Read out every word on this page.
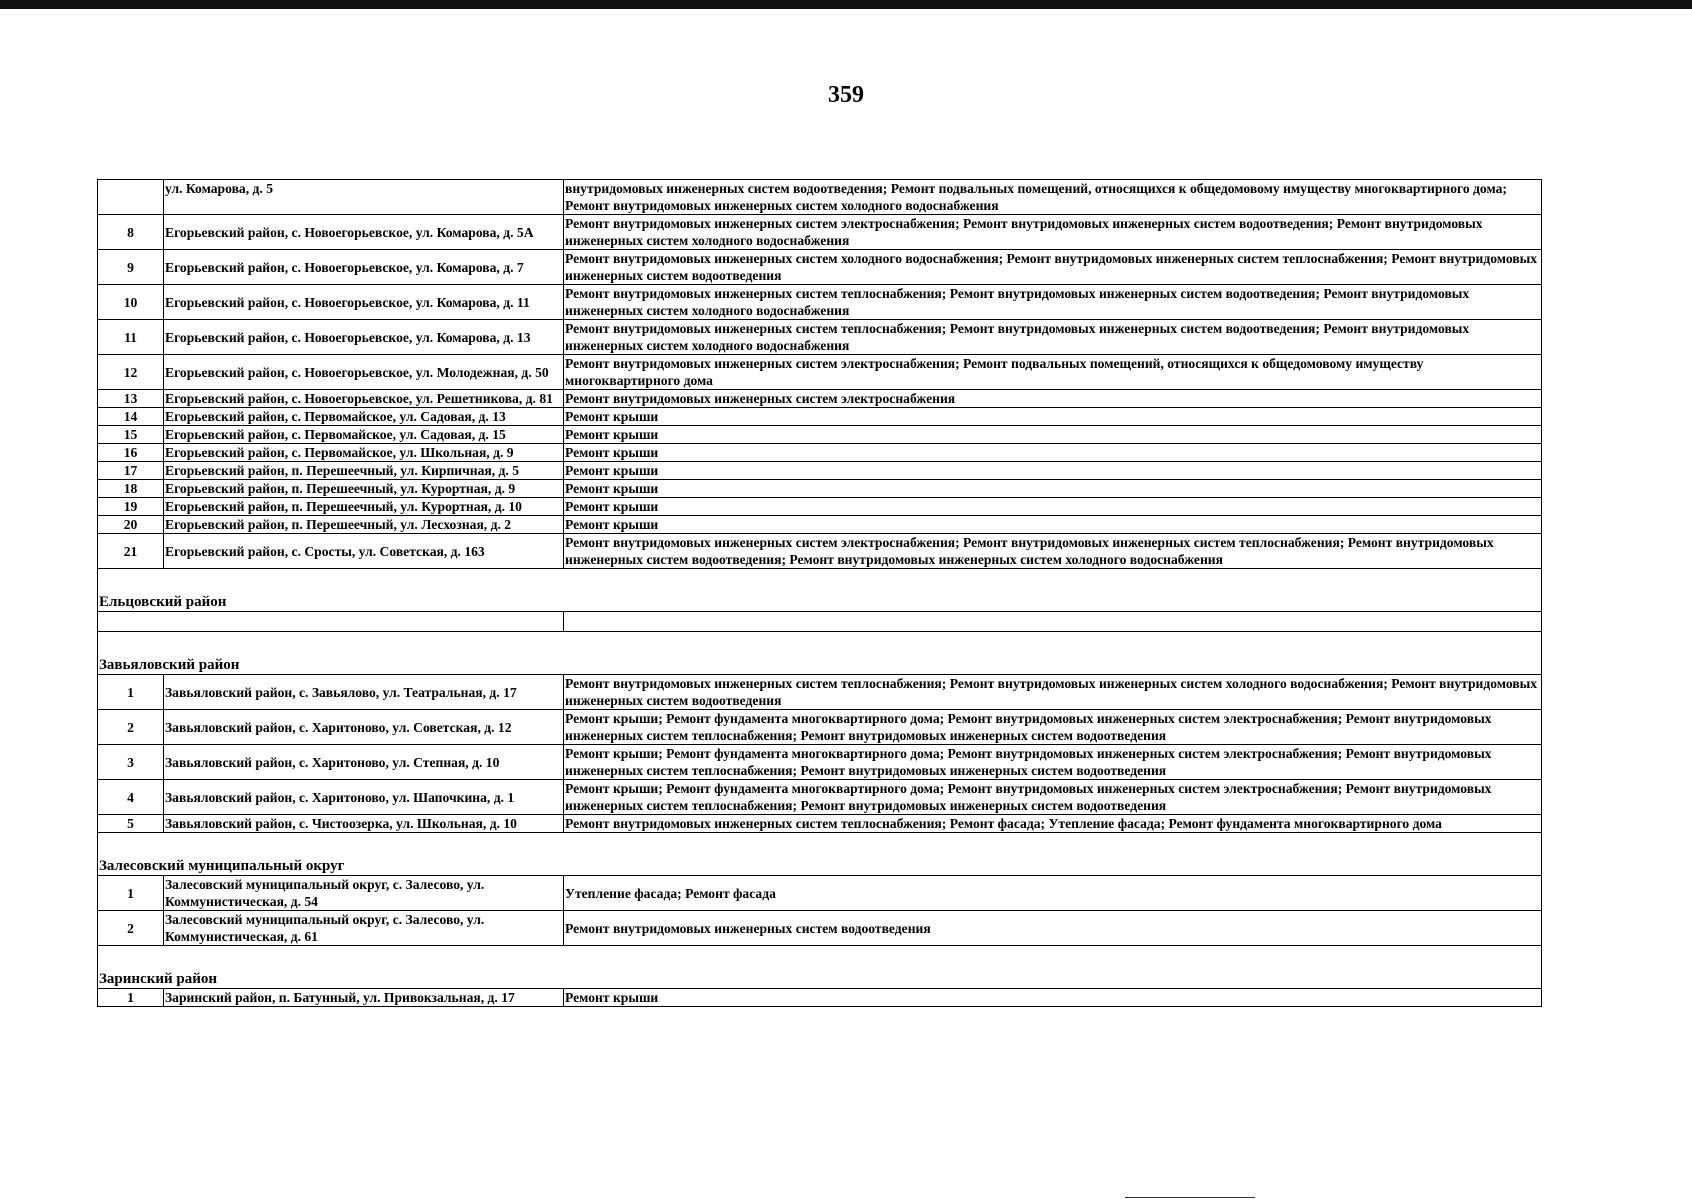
359
	ул. Комарова, д. 5	внутридомовых инженерных систем водоотведения; Ремонт подвальных помещений, относящихся к общедомовому имуществу многоквартирного дома; Ремонт внутридомовых инженерных систем холодного водоснабжения
8	Егорьевский район, с. Новоегорьевское, ул. Комарова, д. 5А	Ремонт внутридомовых инженерных систем электроснабжения; Ремонт внутридомовых инженерных систем водоотведения; Ремонт внутридомовых инженерных систем холодного водоснабжения
9	Егорьевский район, с. Новоегорьевское, ул. Комарова, д. 7	Ремонт внутридомовых инженерных систем холодного водоснабжения; Ремонт внутридомовых инженерных систем теплоснабжения; Ремонт внутридомовых инженерных систем водоотведения
10	Егорьевский район, с. Новоегорьевское, ул. Комарова, д. 11	Ремонт внутридомовых инженерных систем теплоснабжения; Ремонт внутридомовых инженерных систем водоотведения; Ремонт внутридомовых инженерных систем холодного водоснабжения
11	Егорьевский район, с. Новоегорьевское, ул. Комарова, д. 13	Ремонт внутридомовых инженерных систем теплоснабжения; Ремонт внутридомовых инженерных систем водоотведения; Ремонт внутридомовых инженерных систем холодного водоснабжения
12	Егорьевский район, с. Новоегорьевское, ул. Молодежная, д. 50	Ремонт внутридомовых инженерных систем электроснабжения; Ремонт подвальных помещений, относящихся к общедомовому имуществу многоквартирного дома
13	Егорьевский район, с. Новоегорьевское, ул. Решетникова, д. 81	Ремонт внутридомовых инженерных систем электроснабжения
14	Егорьевский район, с. Первомайское, ул. Садовая, д. 13	Ремонт крыши
15	Егорьевский район, с. Первомайское, ул. Садовая, д. 15	Ремонт крыши
16	Егорьевский район, с. Первомайское, ул. Школьная, д. 9	Ремонт крыши
17	Егорьевский район, п. Перешеечный, ул. Кирпичная, д. 5	Ремонт крыши
18	Егорьевский район, п. Перешеечный, ул. Курортная, д. 9	Ремонт крыши
19	Егорьевский район, п. Перешеечный, ул. Курортная, д. 10	Ремонт крыши
20	Егорьевский район, п. Перешеечный, ул. Лесхозная, д. 2	Ремонт крыши
21	Егорьевский район, с. Сросты, ул. Советская, д. 163	Ремонт внутридомовых инженерных систем электроснабжения; Ремонт внутридомовых инженерных систем теплоснабжения; Ремонт внутридомовых инженерных систем водоотведения; Ремонт внутридомовых инженерных систем холодного водоснабжения
Ельцовский район		

Завьяловский район		
1	Завьяловский район, с. Завьялово, ул. Театральная, д. 17	Ремонт внутридомовых инженерных систем теплоснабжения; Ремонт внутридомовых инженерных систем холодного водоснабжения; Ремонт внутридомовых инженерных систем водоотведения
2	Завьяловский район, с. Харитоново, ул. Советская, д. 12	Ремонт крыши; Ремонт фундамента многоквартирного дома; Ремонт внутридомовых инженерных систем электроснабжения; Ремонт внутридомовых инженерных систем теплоснабжения; Ремонт внутридомовых инженерных систем водоотведения
3	Завьяловский район, с. Харитоново, ул. Степная, д. 10	Ремонт крыши; Ремонт фундамента многоквартирного дома; Ремонт внутридомовых инженерных систем электроснабжения; Ремонт внутридомовых инженерных систем теплоснабжения; Ремонт внутридомовых инженерных систем водоотведения
4	Завьяловский район, с. Харитоново, ул. Шапочкина, д. 1	Ремонт крыши; Ремонт фундамента многоквартирного дома; Ремонт внутридомовых инженерных систем электроснабжения; Ремонт внутридомовых инженерных систем теплоснабжения; Ремонт внутридомовых инженерных систем водоотведения
5	Завьяловский район, с. Чистоозерка, ул. Школьная, д. 10	Ремонт внутридомовых инженерных систем теплоснабжения; Ремонт фасада; Утепление фасада; Ремонт фундамента многоквартирного дома
Залесовский муниципальный округ		
1	Залесовский муниципальный округ, с. Залесово, ул. Коммунистическая, д. 54	Утепление фасада; Ремонт фасада
2	Залесовский муниципальный округ, с. Залесово, ул. Коммунистическая, д. 61	Ремонт внутридомовых инженерных систем водоотведения
Заринский район		
1	Заринский район, п. Батунный, ул. Привокзальная, д. 17	Ремонт крыши
